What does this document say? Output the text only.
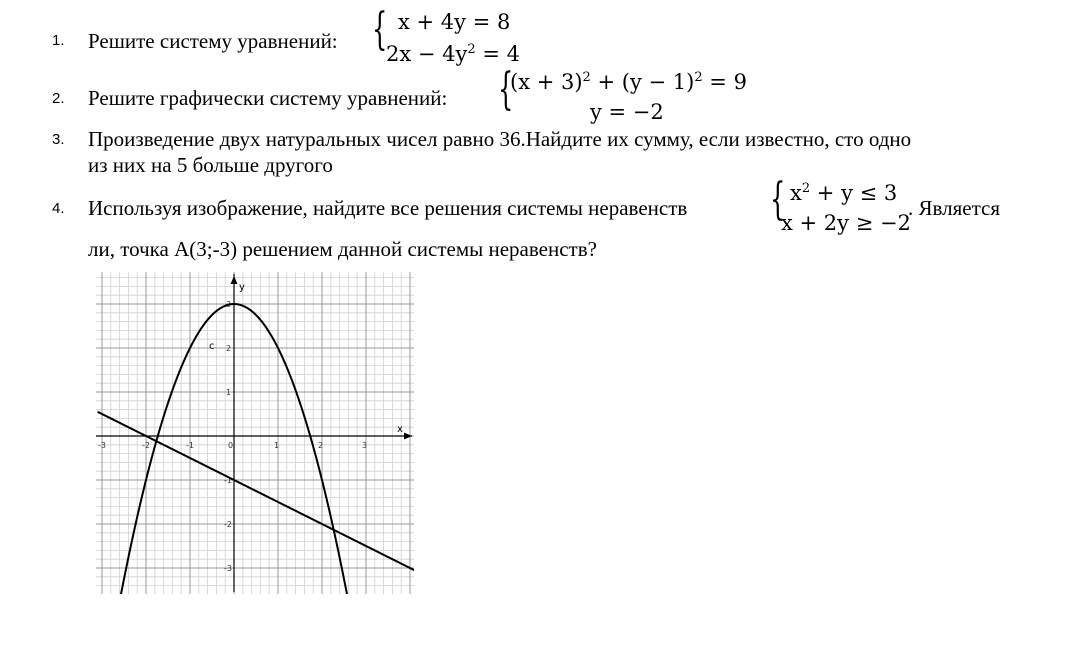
1.	Решите систему уравнений: { x + 4y = 8
$2x - 4y^2 = 4$
2.	Решите графически систему уравнений: {
$(x + 3)^2 + (y - 1)^2 = 9$
y = −2
3.	Произведение двух натуральных чисел равно 36.Найдите их сумму, если известно, сто одно
из них на 5 больше другого
4.	Используя изображение, найдите все решения системы неравенств { $x^2 + y \le 3$
x + 2y ≥ −2
. Является
ли, точка А(3;-3) решением данной системы неравенств?
x
y
c
-3	-2	-1	0	1	2	3
3
2
1
-1
-2
-3
